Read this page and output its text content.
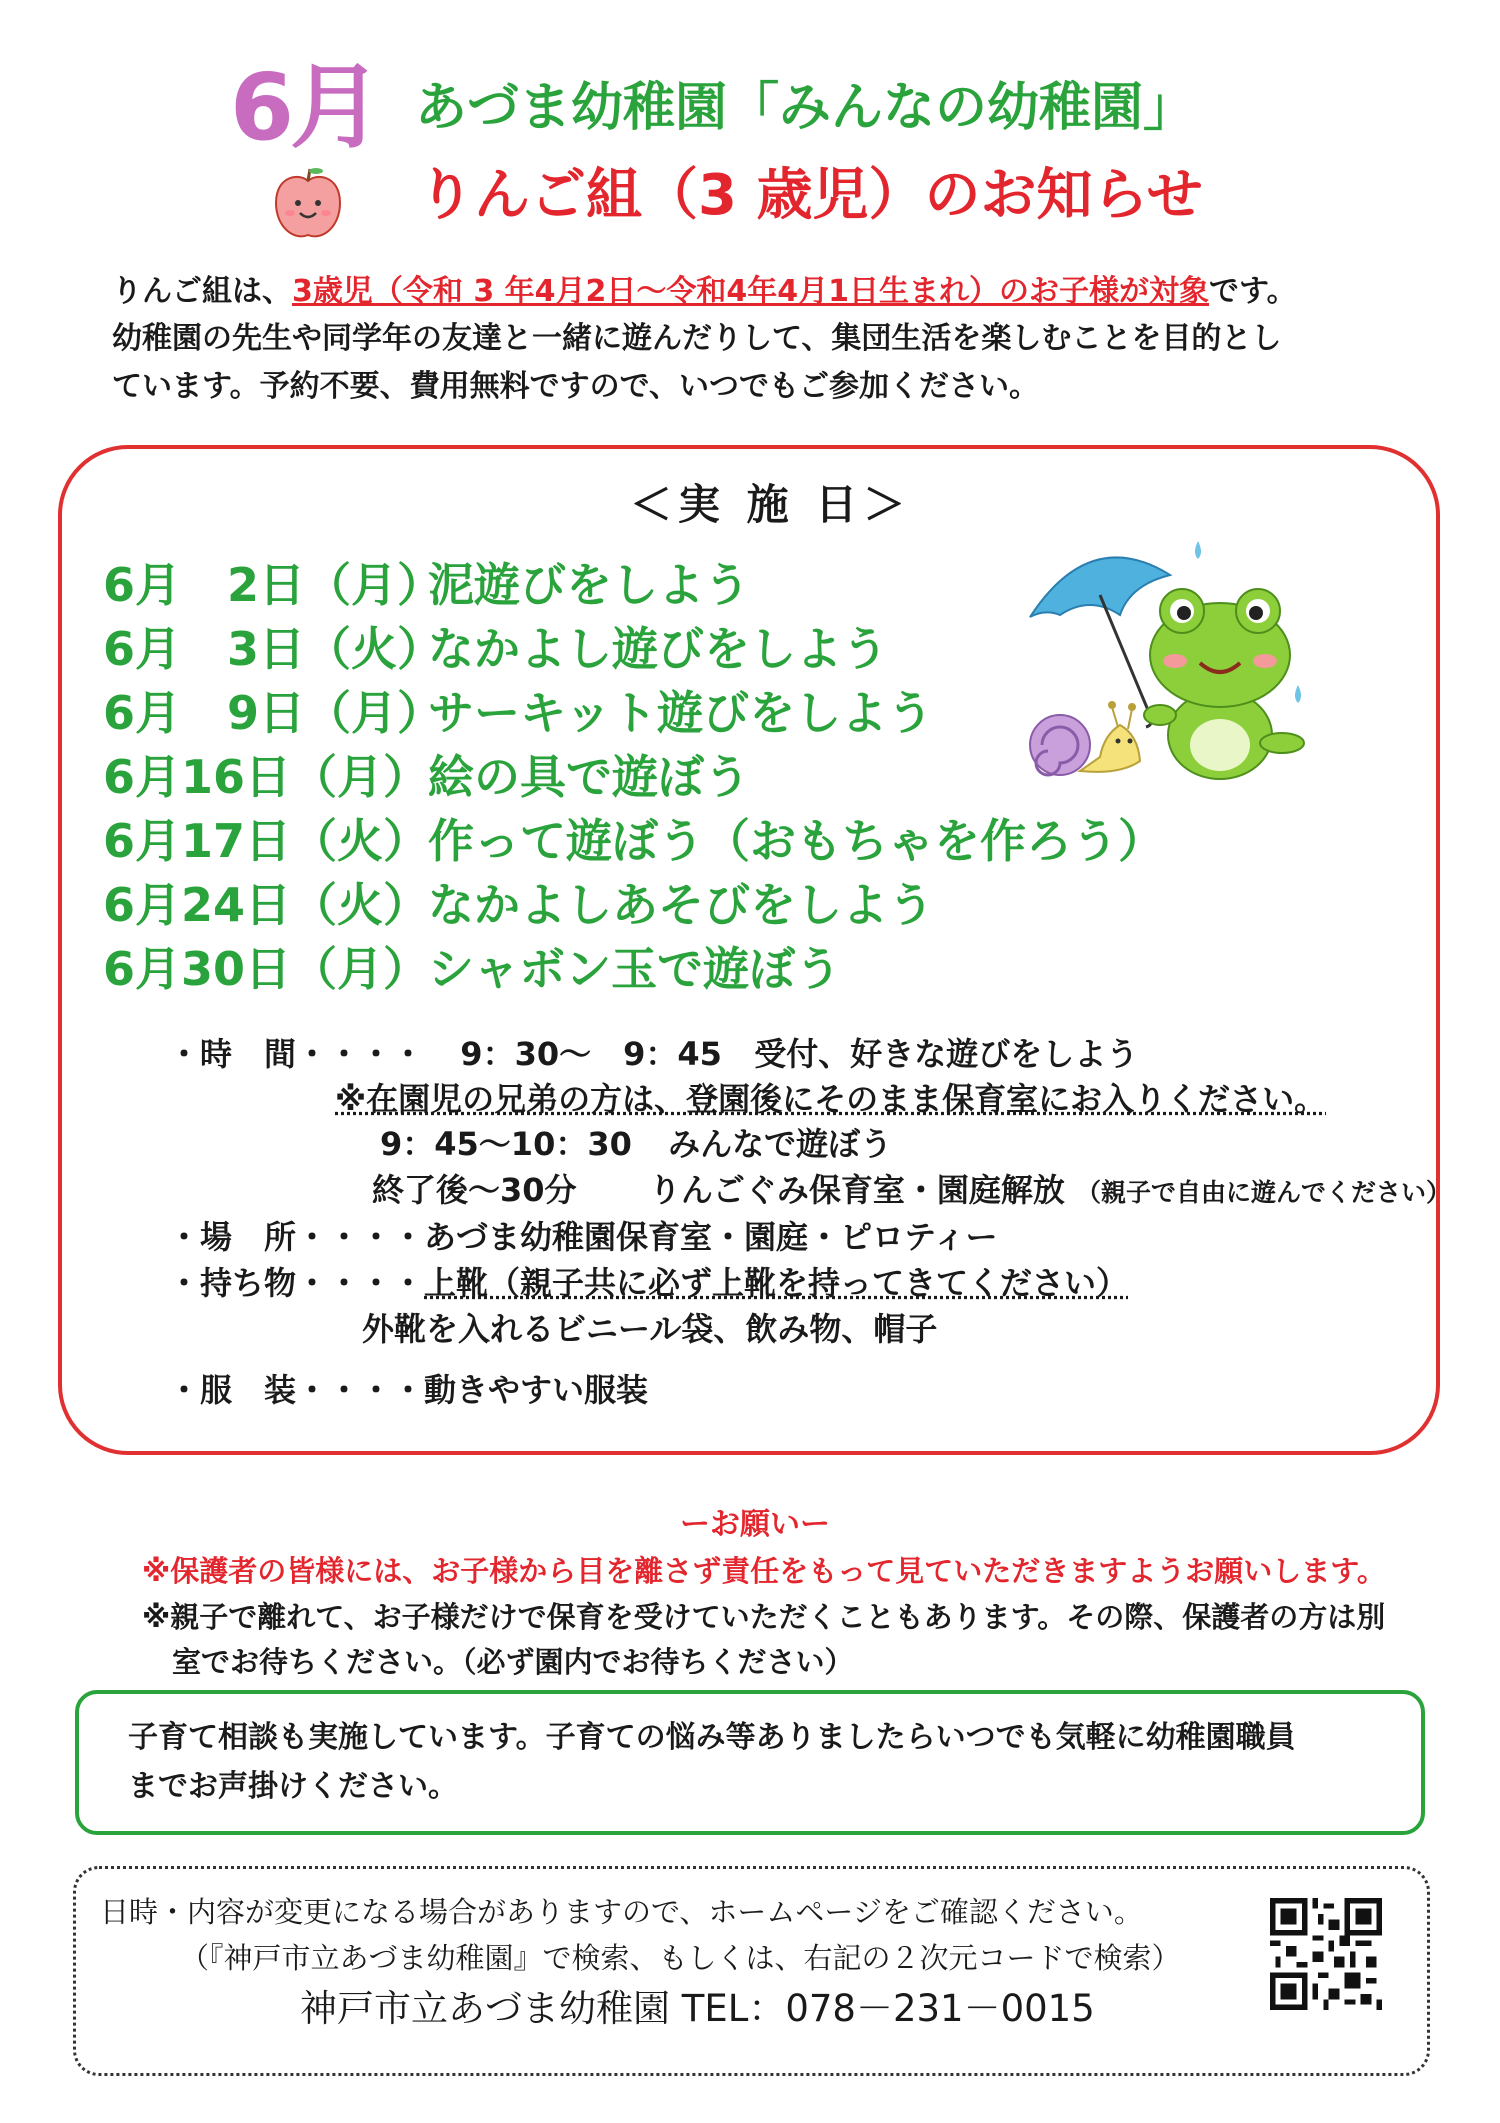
6月 あづま幼稚園「みんなの幼稚園」
りんご組（3 歳児）のお知らせ
りんご組は、3歳児（令和 3 年4月2日～令和4年4月1日生まれ）のお子様が対象です。
幼稚園の先生や同学年の友達と一緒に遊んだりして、集団生活を楽しむことを目的とし
ています。予約不要、費用無料ですので、いつでもご参加ください。
＜実 施 日＞
6月　2日（月）泥遊びをしよう
6月　3日（火）なかよし遊びをしよう
6月　9日（月）サーキット遊びをしよう
6月16日（月）絵の具で遊ぼう
6月17日（火）作って遊ぼう（おもちゃを作ろう）
6月24日（火）なかよしあそびをしよう
6月30日（月）シャボン玉で遊ぼう
・時　間・・・・ 9：30～　9：45 受付、好きな遊びをしよう
※在園児の兄弟の方は、登園後にそのまま保育室にお入りください。
9：45～10：30 みんなで遊ぼう
終了後～30分 りんごぐみ保育室・園庭解放 （親子で自由に遊んでください）
・場　所・・・・あづま幼稚園保育室・園庭・ピロティー
・持ち物・・・・上靴（親子共に必ず上靴を持ってきてください）
外靴を入れるビニール袋、飲み物、帽子
・服　装・・・・動きやすい服装
ーお願いー
※保護者の皆様には、お子様から目を離さず責任をもって見ていただきますようお願いします。
※親子で離れて、お子様だけで保育を受けていただくこともあります。その際、保護者の方は別
室でお待ちください。（必ず園内でお待ちください）
子育て相談も実施しています。子育ての悩み等ありましたらいつでも気軽に幼稚園職員
までお声掛けください。
日時・内容が変更になる場合がありますので、ホームページをご確認ください。
（『神戸市立あづま幼稚園』で検索、もしくは、右記の２次元コードで検索）
神戸市立あづま幼稚園 TEL：078－231－0015
